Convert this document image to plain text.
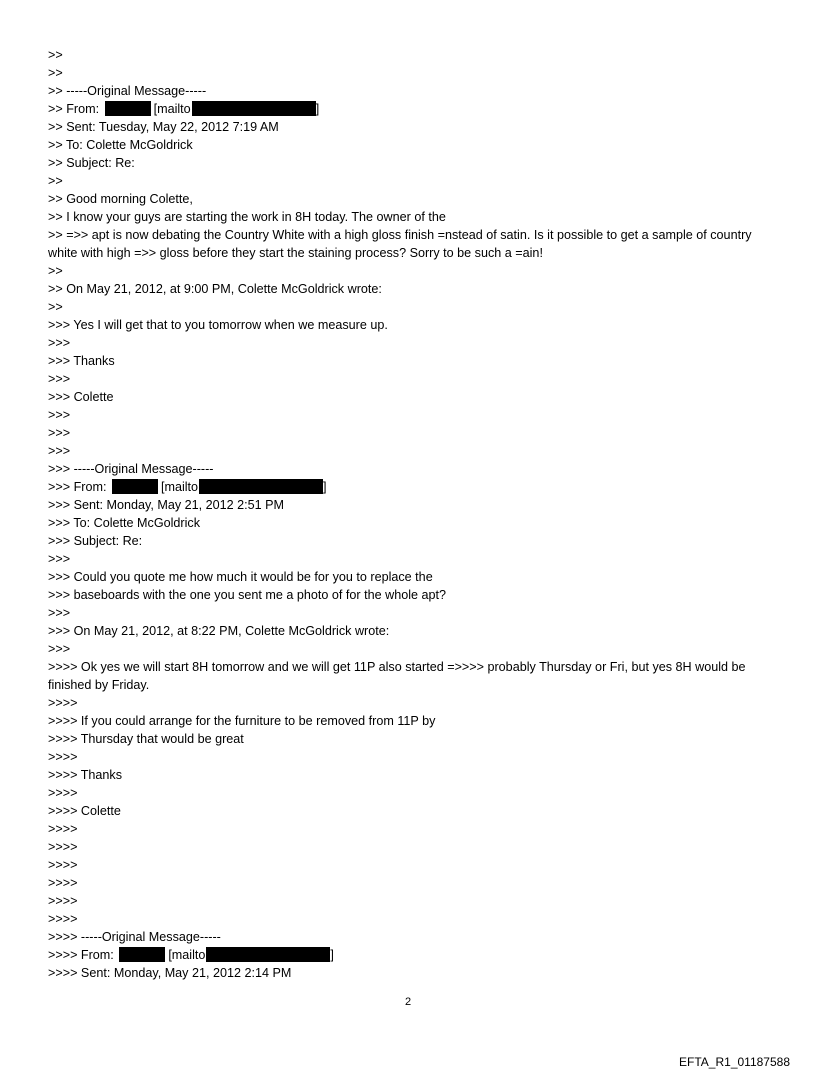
>>
>>
>> -----Original Message-----
>> From:	[mailto	]
>> Sent: Tuesday, May 22, 2012 7:19 AM
>> To: Colette McGoldrick
>> Subject: Re:
>>
>> Good morning Colette,
>> I know your guys are starting the work in 8H today. The owner of the
>> =>> apt is now debating the Country White with a high gloss finish =nstead of satin. Is it possible to get a sample of country white with high =>> gloss before they start the staining process? Sorry to be such a =ain!
>>
>> On May 21, 2012, at 9:00 PM, Colette McGoldrick wrote:
>>
>>> Yes I will get that to you tomorrow when we measure up.
>>>
>>> Thanks
>>>
>>> Colette
>>>
>>>
>>>
>>> -----Original Message-----
>>> From:	[mailto	]
>>> Sent: Monday, May 21, 2012 2:51 PM
>>> To: Colette McGoldrick
>>> Subject: Re:
>>>
>>> Could you quote me how much it would be for you to replace the
>>> baseboards with the one you sent me a photo of for the whole apt?
>>>
>>> On May 21, 2012, at 8:22 PM, Colette McGoldrick wrote:
>>>
>>>> Ok yes we will start 8H tomorrow and we will get 11P also started =>>>> probably Thursday or Fri, but yes 8H would be finished by Friday.
>>>>
>>>> If you could arrange for the furniture to be removed from 11P by
>>>> Thursday that would be great
>>>>
>>>> Thanks
>>>>
>>>> Colette
>>>>
>>>>
>>>>
>>>>
>>>>
>>>>
>>>> -----Original Message-----
>>>> From:	[mailto	]
>>>> Sent: Monday, May 21, 2012 2:14 PM
2
EFTA_R1_01187588
